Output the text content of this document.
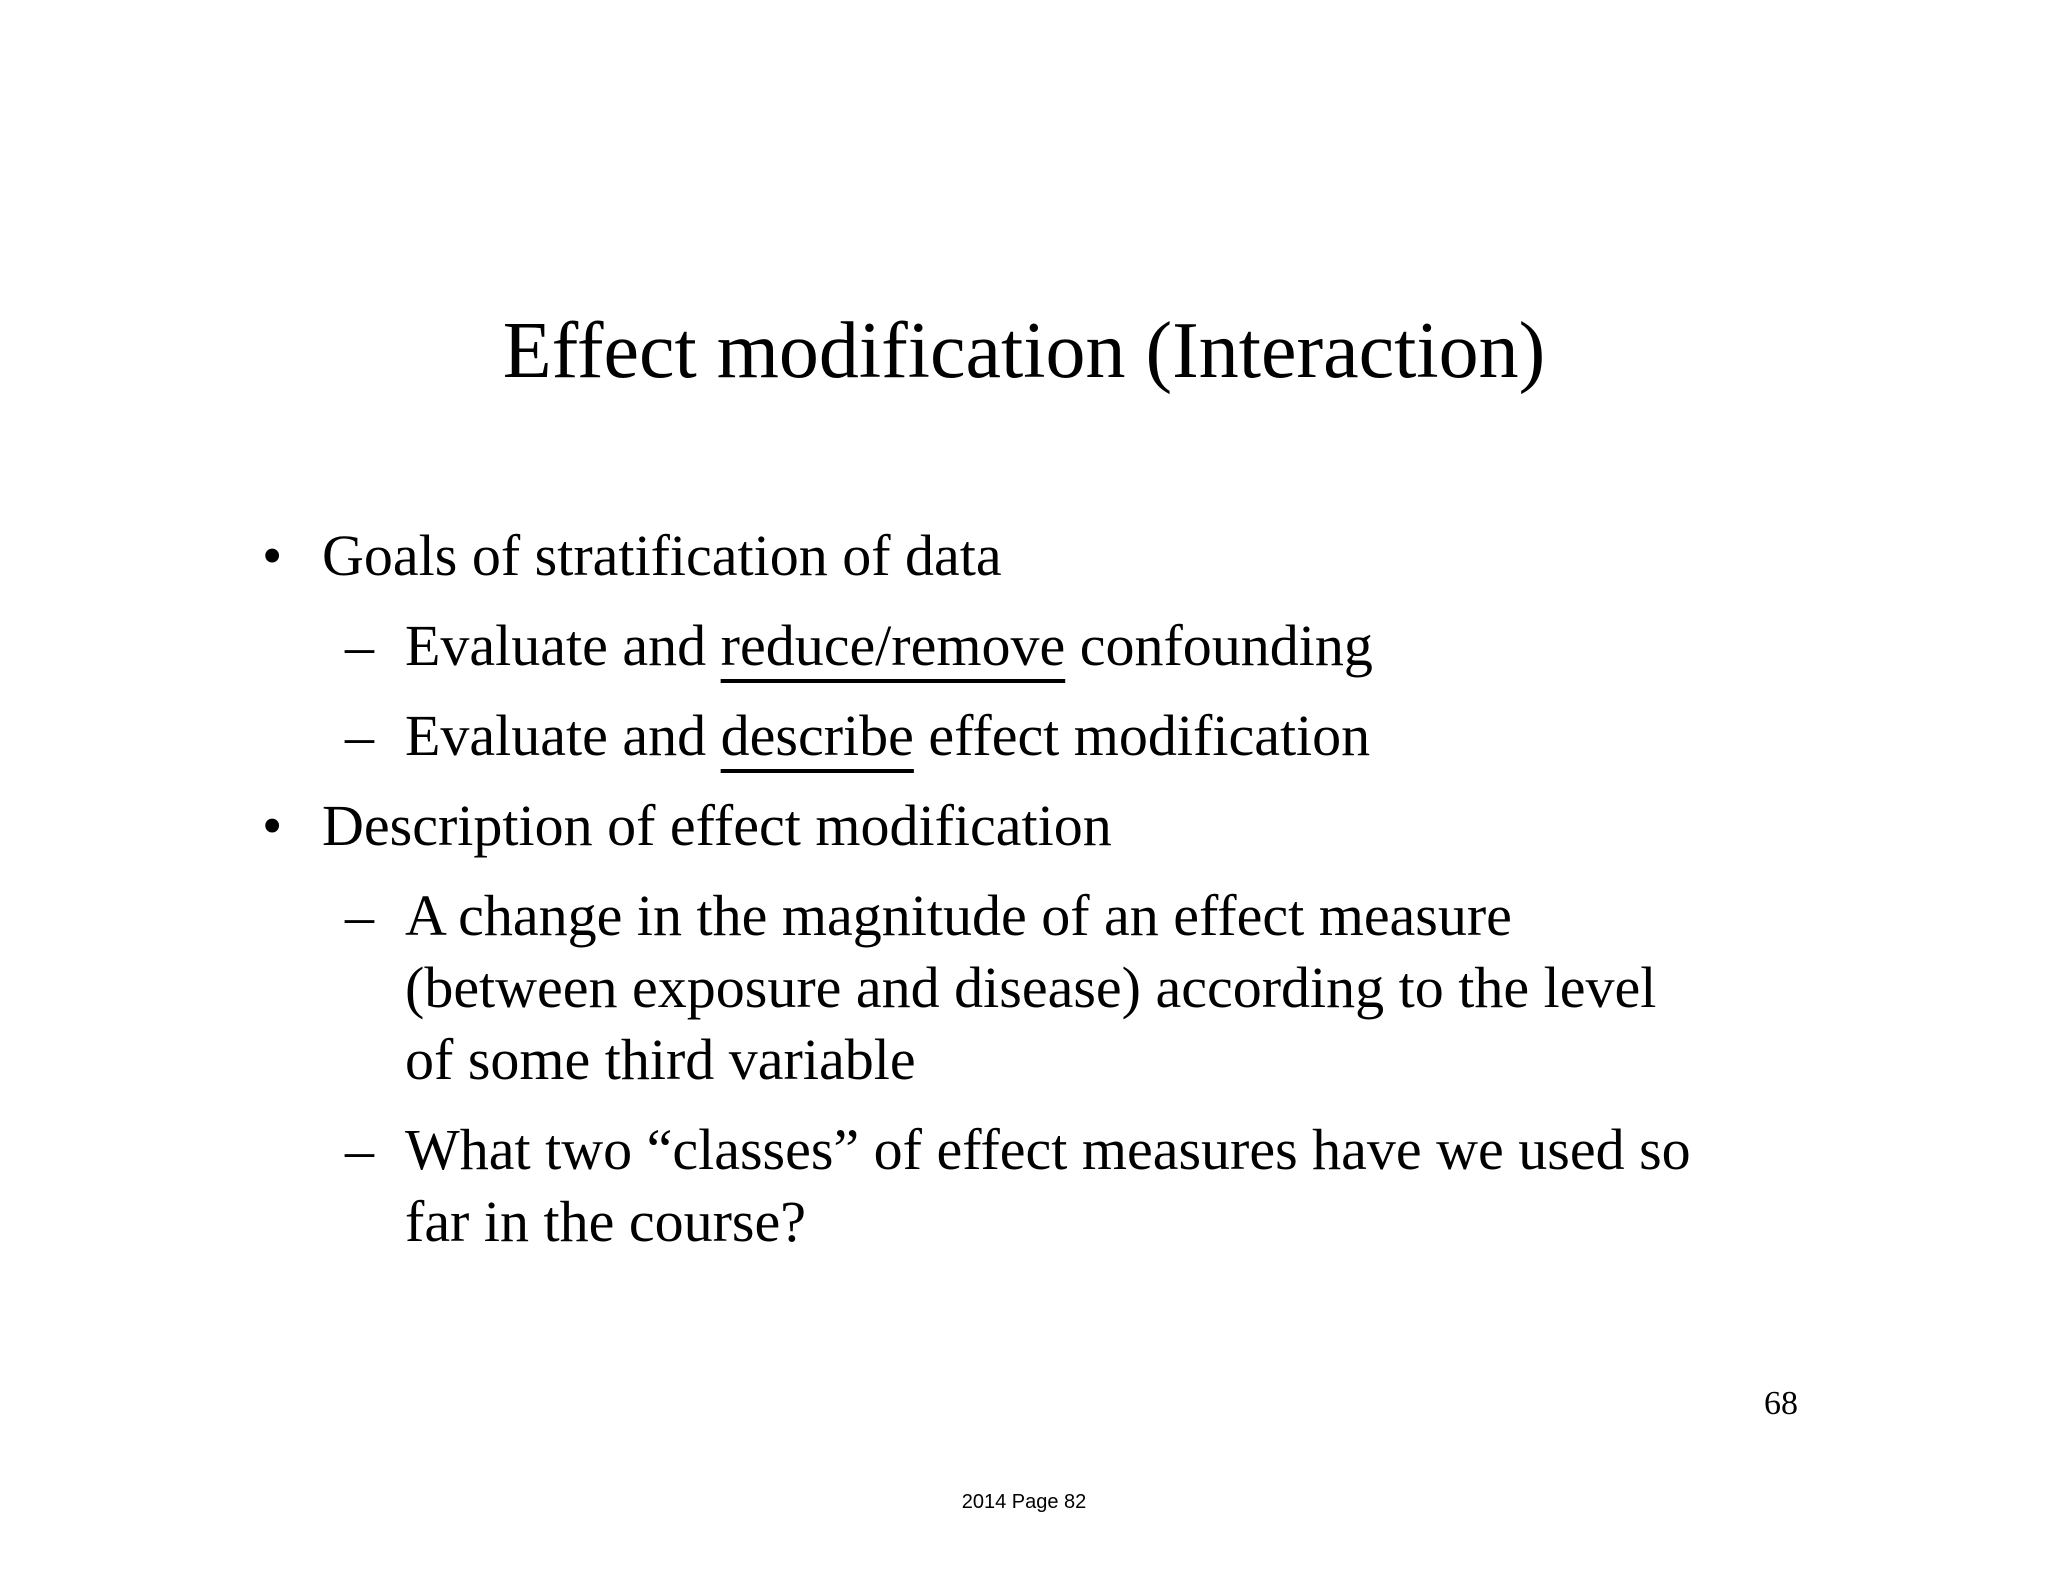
Effect modification (Interaction)
• Goals of stratification of data
– Evaluate and reduce/remove confounding
– Evaluate and describe effect modification
• Description of effect modification
– A change in the magnitude of an effect measure
(between exposure and disease) according to the level
of some third variable
– What two “classes” of effect measures have we used so
far in the course?
68
2014 Page 82
